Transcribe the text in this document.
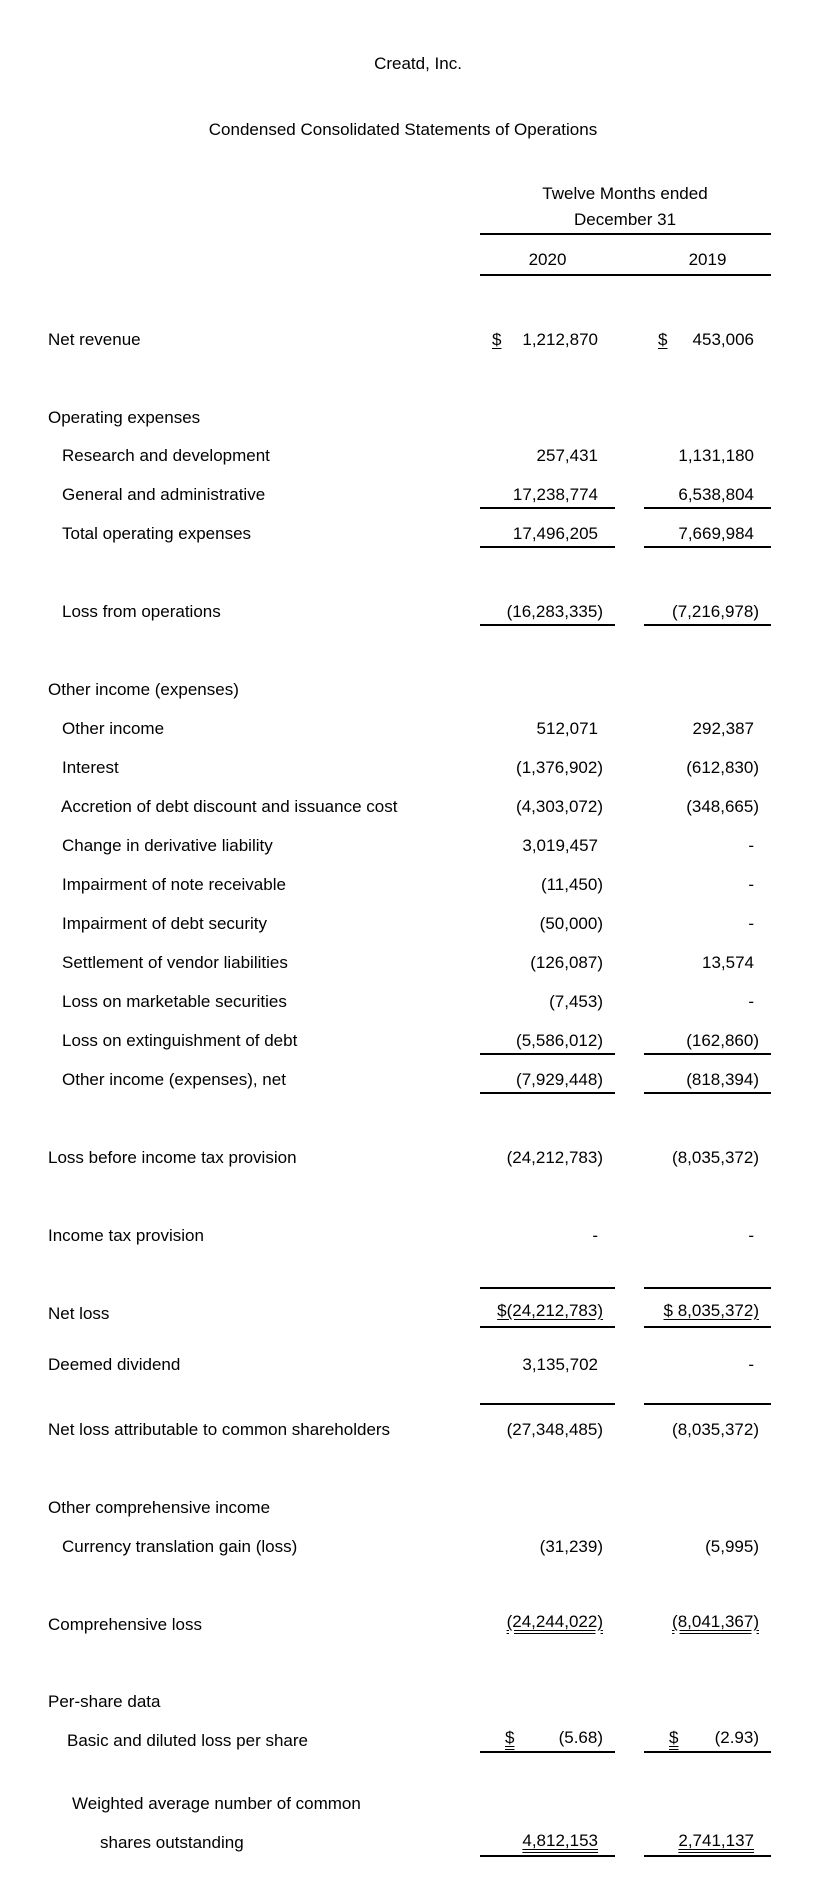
Creatd, Inc.
Condensed Consolidated Statements of Operations
Twelve Months ended
December 31
2020	2019
Net revenue	$ 1,212,870	$ 453,006
Operating expenses
Research and development	257,431	1,131,180
General and administrative	17,238,774	6,538,804
Total operating expenses	17,496,205	7,669,984
Loss from operations	(16,283,335)	(7,216,978)
Other income (expenses)
Other income	512,071	292,387
Interest	(1,376,902)	(612,830)
Accretion of debt discount and issuance cost	(4,303,072)	(348,665)
Change in derivative liability	3,019,457	-
Impairment of note receivable	(11,450)	-
Impairment of debt security	(50,000)	-
Settlement of vendor liabilities	(126,087)	13,574
Loss on marketable securities	(7,453)	-
Loss on extinguishment of debt	(5,586,012)	(162,860)
Other income (expenses), net	(7,929,448)	(818,394)
Loss before income tax provision	(24,212,783)	(8,035,372)
Income tax provision	-	-
Net loss	$(24,212,783)	$ 8,035,372)
Deemed dividend	3,135,702	-
Net loss attributable to common shareholders	(27,348,485)	(8,035,372)
Other comprehensive income
Currency translation gain (loss)	(31,239)	(5,995)
Comprehensive loss	(24,244,022)	(8,041,367)
Per-share data
Basic and diluted loss per share	$	(5.68)	$ (2.93)
Weighted average number of common
shares outstanding	4,812,153	2,741,137
